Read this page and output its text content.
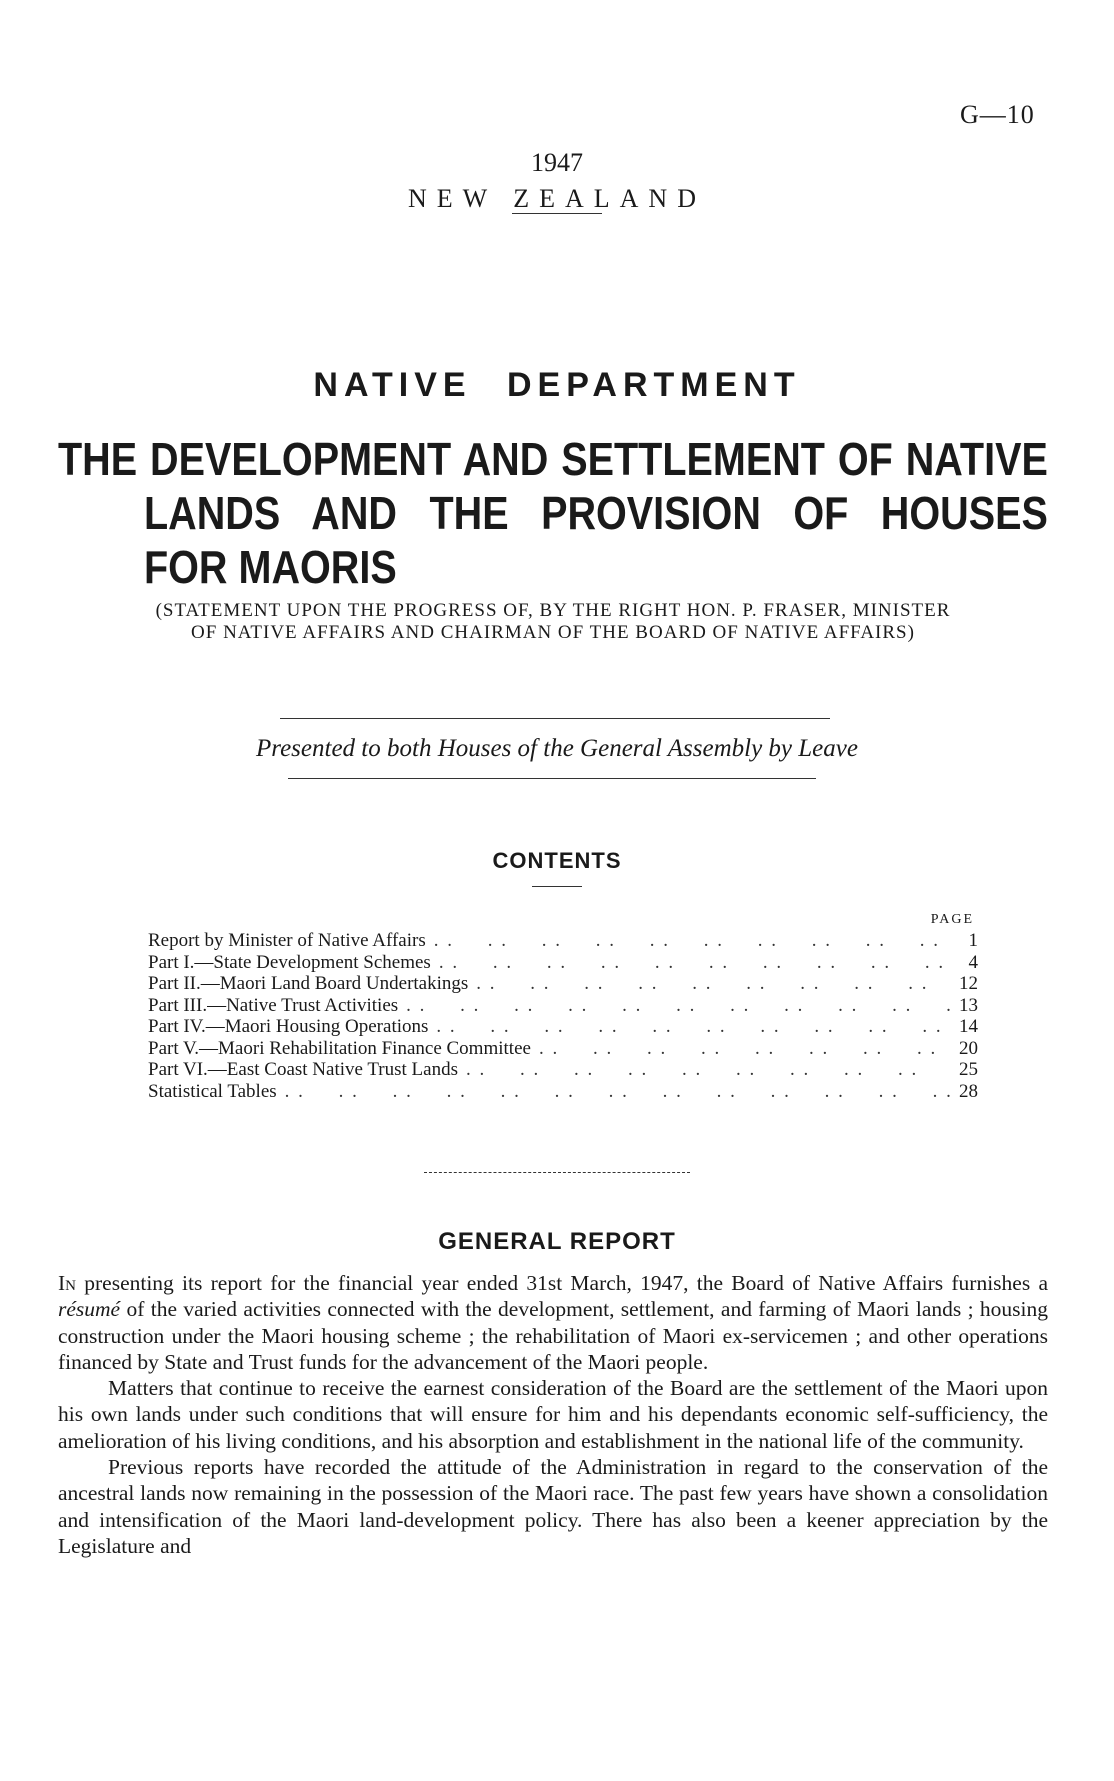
G—10
1947
NEW ZEALAND
NATIVE DEPARTMENT
THE DEVELOPMENT AND SETTLEMENT OF NATIVE
LANDS AND THE PROVISION OF HOUSES
FOR MAORIS
(STATEMENT UPON THE PROGRESS OF, BY THE RIGHT HON. P. FRASER, MINISTER
OF NATIVE AFFAIRS AND CHAIRMAN OF THE BOARD OF NATIVE AFFAIRS)
Presented to both Houses of the General Assembly by Leave
CONTENTS
PAGE
Report by Minister of Native Affairs . .	1
Part I.—State Development Schemes . .	4
Part II.—Maori Land Board Undertakings . .	12
Part III.—Native Trust Activities . .	13
Part IV.—Maori Housing Operations . .	14
Part V.—Maori Rehabilitation Finance Committee . .	20
Part VI.—East Coast Native Trust Lands . .	25
Statistical Tables . .	28
GENERAL REPORT

In presenting its report for the financial year ended 31st March, 1947, the Board of Native Affairs furnishes a résumé of the varied activities connected with the development, settlement, and farming of Maori lands ; housing construction under the Maori housing scheme ; the rehabilitation of Maori ex-servicemen ; and other operations financed by State and Trust funds for the advancement of the Maori people.

Matters that continue to receive the earnest consideration of the Board are the settlement of the Maori upon his own lands under such conditions that will ensure for him and his dependants economic self-sufficiency, the amelioration of his living conditions, and his absorption and establishment in the national life of the community.

Previous reports have recorded the attitude of the Administration in regard to the conservation of the ancestral lands now remaining in the possession of the Maori race. The past few years have shown a consolidation and intensification of the Maori land-development policy. There has also been a keener appreciation by the Legislature and
